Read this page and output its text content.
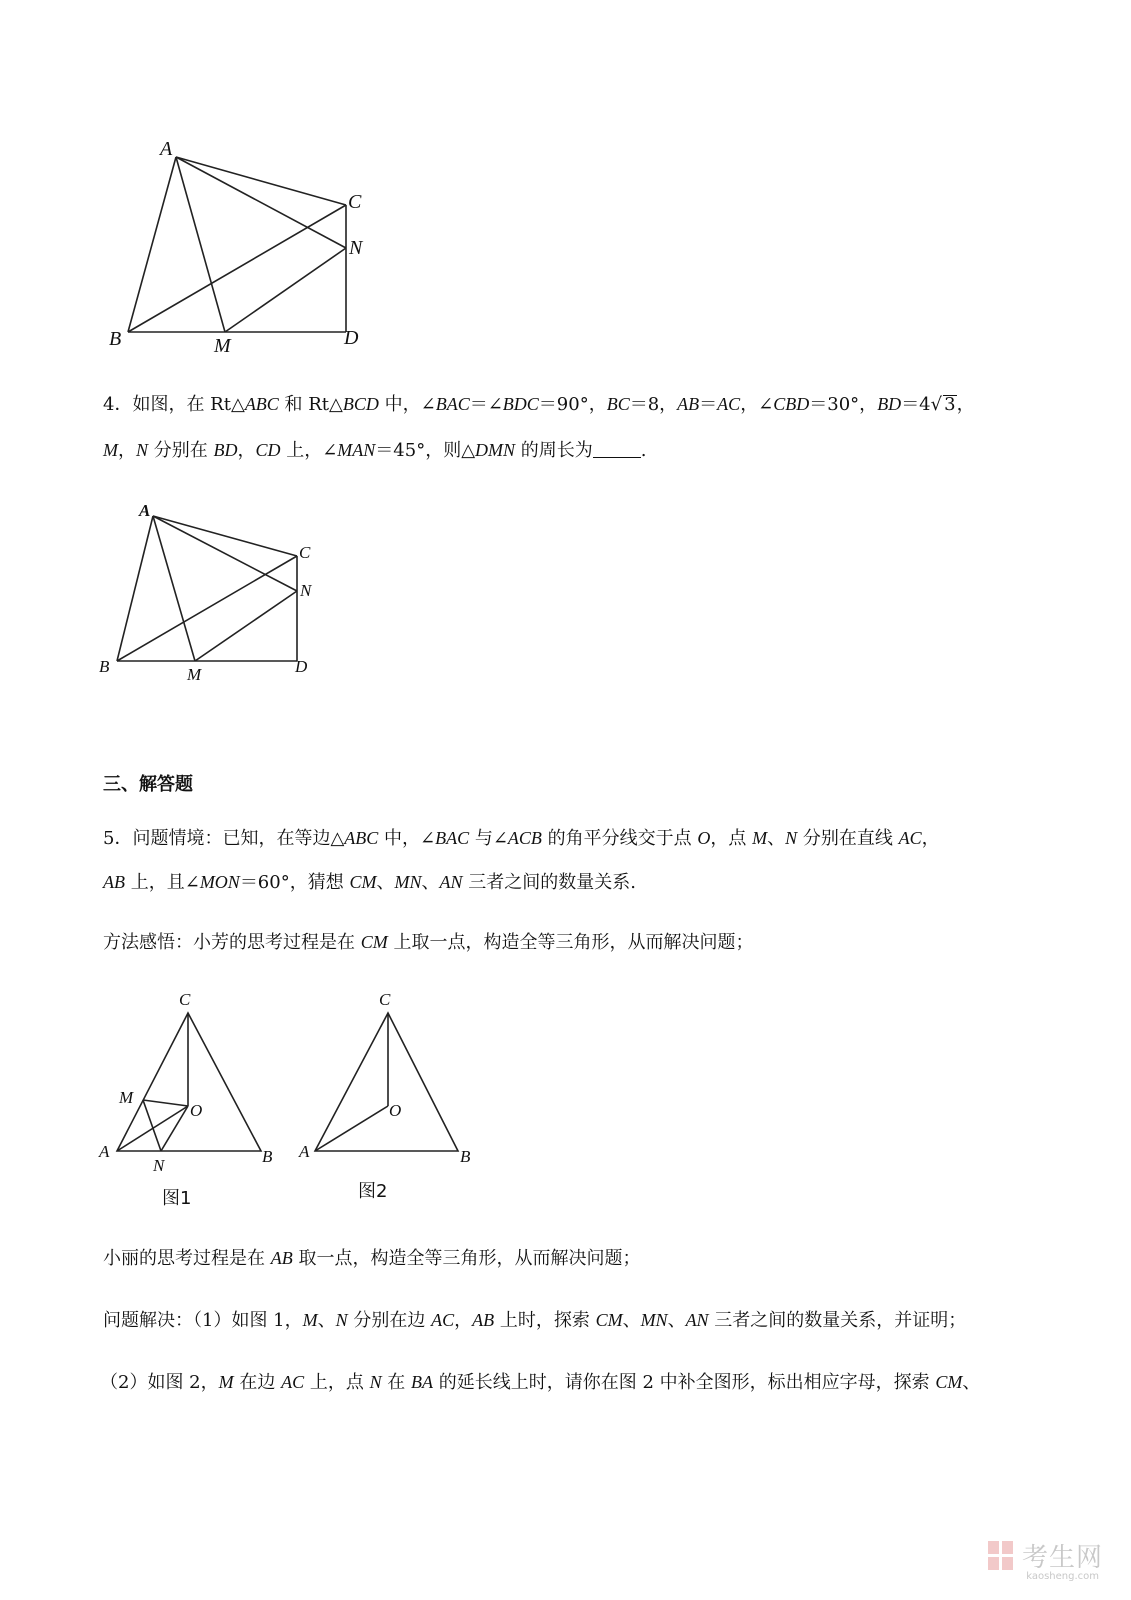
A
B
C
D
M
N
4．如图，在 Rt△ABC 和 Rt△BCD 中，∠BAC＝∠BDC＝90°，BC＝8，AB＝AC，∠CBD＝30°，BD＝4√ 3，
M，N 分别在 BD，CD 上，∠MAN＝45°，则△DMN 的周长为	.
A
B
C
D
M
N
三、解答题
5．问题情境：已知，在等边△ABC 中，∠BAC 与∠ACB 的角平分线交于点 O，点 M、N 分别在直线 AC，
AB 上，且∠MON＝60°，猜想 CM、MN、AN 三者之间的数量关系.
方法感悟：小芳的思考过程是在 CM 上取一点，构造全等三角形，从而解决问题；
C
M
O
A
N	B
图1
C
O
A	B
图2
小丽的思考过程是在 AB 取一点，构造全等三角形，从而解决问题；
问题解决：（1）如图 1，M、N 分别在边 AC，AB 上时，探索 CM、MN、AN 三者之间的数量关系，并证明；
（2）如图 2，M 在边 AC 上，点 N 在 BA 的延长线上时，请你在图 2 中补全图形，标出相应字母，探索 CM、
考生网
kaosheng.com
